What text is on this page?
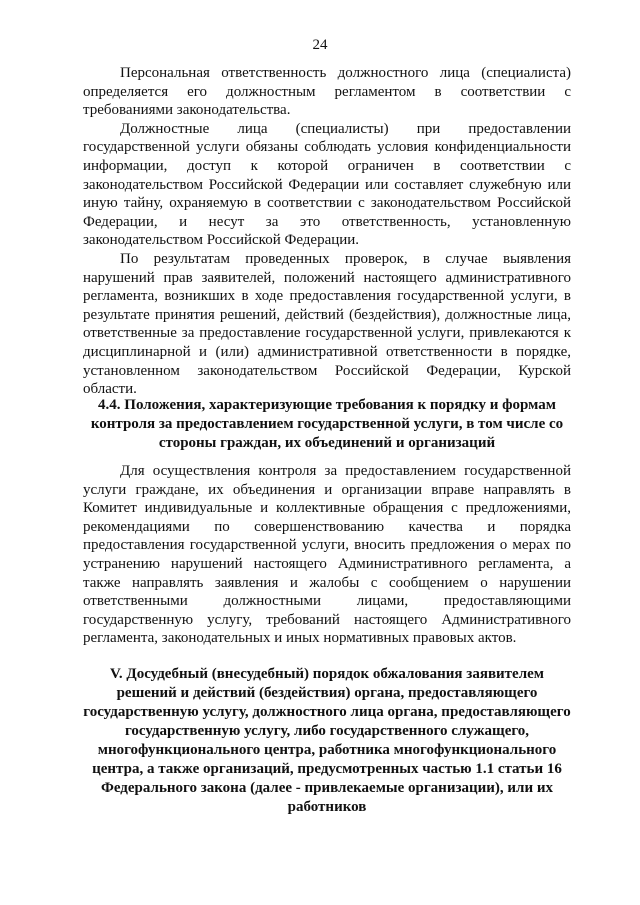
24

Персональная ответственность должностного лица (специалиста) определяется его должностным регламентом в соответствии с требованиями законодательства.

Должностные лица (специалисты) при предоставлении государственной услуги обязаны соблюдать условия конфиденциальности информации, доступ к которой ограничен в соответствии с законодательством Российской Федерации или составляет служебную или иную тайну, охраняемую в соответствии с законодательством Российской Федерации, и несут за это ответственность, установленную законодательством Российской Федерации.

По результатам проведенных проверок, в случае выявления нарушений прав заявителей, положений настоящего административного регламента, возникших в ходе предоставления государственной услуги, в результате принятия решений, действий (бездействия), должностные лица, ответственные за предоставление государственной услуги, привлекаются к дисциплинарной и (или) административной ответственности в порядке, установленном законодательством Российской Федерации, Курской области.

4.4. Положения, характеризующие требования к порядку и формам контроля за предоставлением государственной услуги, в том числе со стороны граждан, их объединений и организаций

Для осуществления контроля за предоставлением государственной услуги граждане, их объединения и организации вправе направлять в Комитет индивидуальные и коллективные обращения с предложениями, рекомендациями по совершенствованию качества и порядка предоставления государственной услуги, вносить предложения о мерах по устранению нарушений настоящего Административного регламента, а также направлять заявления и жалобы с сообщением о нарушении ответственными должностными лицами, предоставляющими государственную услугу, требований настоящего Административного регламента, законодательных и иных нормативных правовых актов.

V. Досудебный (внесудебный) порядок обжалования заявителем решений и действий (бездействия) органа, предоставляющего государственную услугу, должностного лица органа, предоставляющего государственную услугу, либо государственного служащего, многофункционального центра, работника многофункционального центра, а также организаций, предусмотренных частью 1.1 статьи 16 Федерального закона (далее - привлекаемые организации), или их работников
